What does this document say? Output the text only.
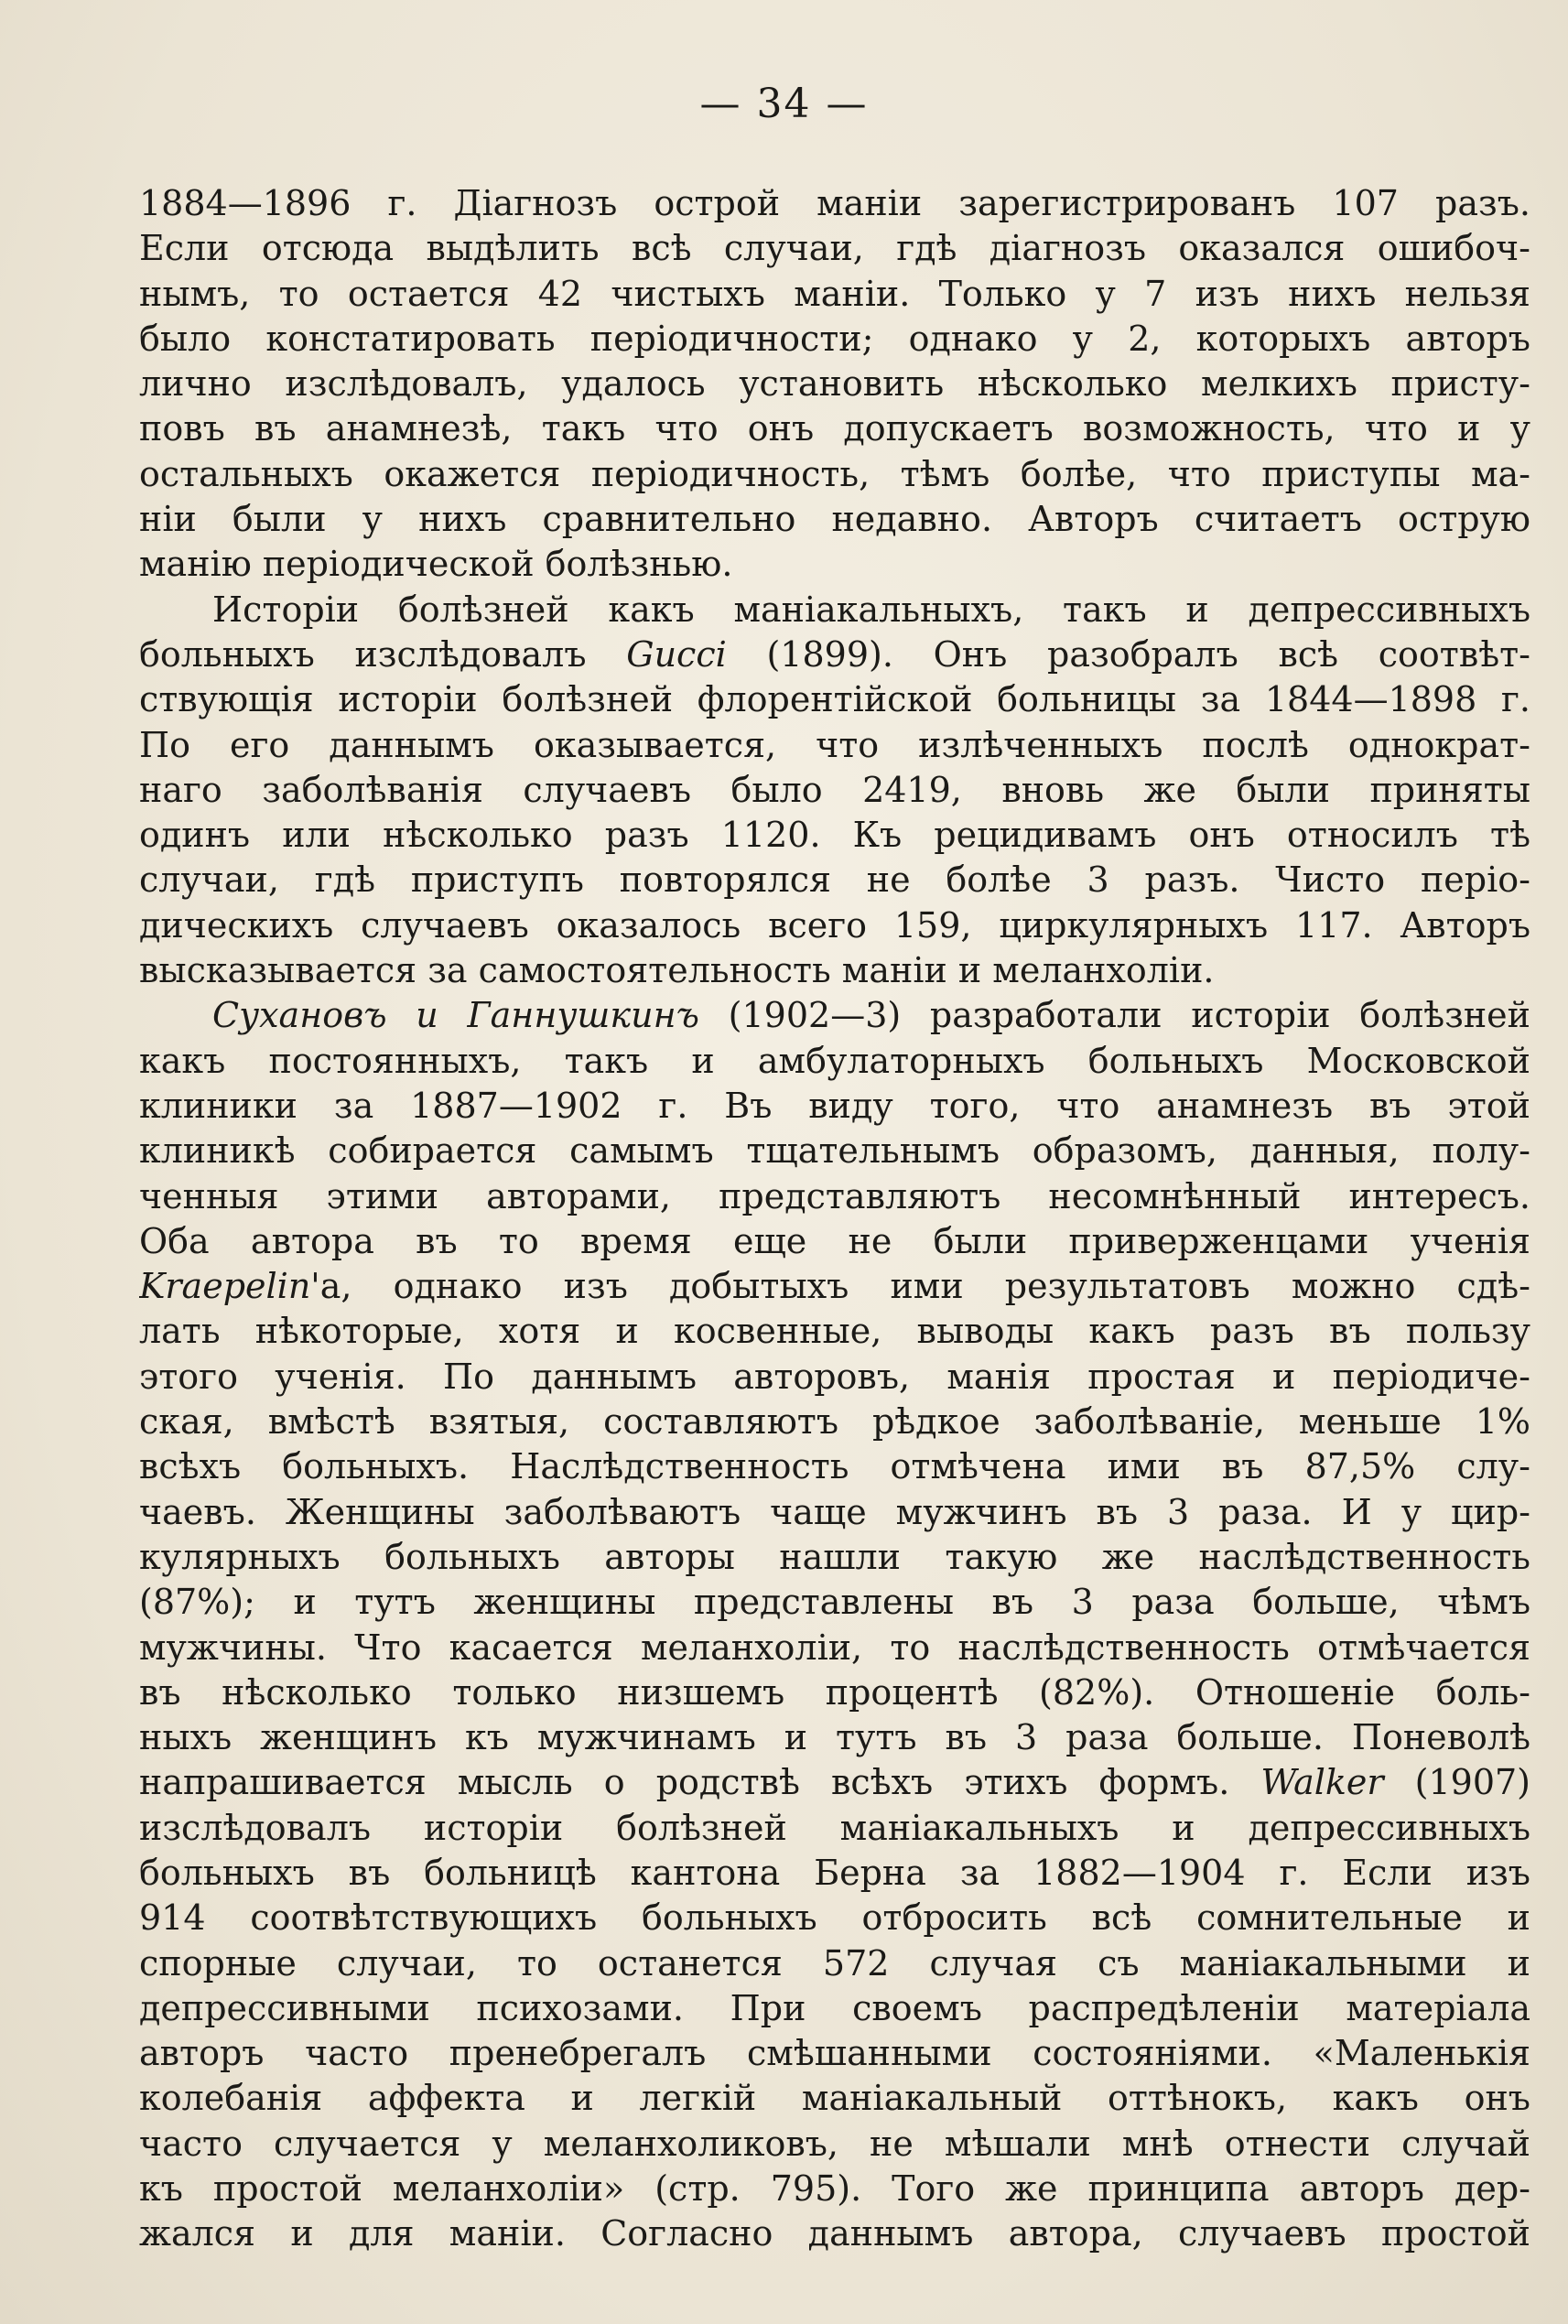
— 34 —
1884—1896 г. Діагнозъ острой маніи зарегистрированъ 107 разъ.
Если отсюда выдѣлить всѣ случаи, гдѣ діагнозъ оказался ошибоч-
нымъ, то остается 42 чистыхъ маніи. Только у 7 изъ нихъ нельзя
было констатировать періодичности; однако у 2, которыхъ авторъ
лично изслѣдовалъ, удалось установить нѣсколько мелкихъ присту-
повъ въ анамнезѣ, такъ что онъ допускаетъ возможность, что и у
остальныхъ окажется періодичность, тѣмъ болѣе, что приступы ма-
ніи были у нихъ сравнительно недавно. Авторъ считаетъ острую
манію періодической болѣзнью.
Исторіи болѣзней какъ маніакальныхъ, такъ и депрессивныхъ
больныхъ изслѣдовалъ Gucci (1899). Онъ разобралъ всѣ соотвѣт-
ствующія исторіи болѣзней флорентійской больницы за 1844—1898 г.
По его даннымъ оказывается, что излѣченныхъ послѣ однократ-
наго заболѣванія случаевъ было 2419, вновь же были приняты
одинъ или нѣсколько разъ 1120. Къ рецидивамъ онъ относилъ тѣ
случаи, гдѣ приступъ повторялся не болѣе 3 разъ. Чисто періо-
дическихъ случаевъ оказалось всего 159, циркулярныхъ 117. Авторъ
высказывается за самостоятельность маніи и меланхоліи.
Сухановъ и Ганнушкинъ (1902—3) разработали исторіи болѣзней
какъ постоянныхъ, такъ и амбулаторныхъ больныхъ Московской
клиники за 1887—1902 г. Въ виду того, что анамнезъ въ этой
клиникѣ собирается самымъ тщательнымъ образомъ, данныя, полу-
ченныя этими авторами, представляютъ несомнѣнный интересъ.
Оба автора въ то время еще не были приверженцами ученія
Kraepelin'а, однако изъ добытыхъ ими результатовъ можно сдѣ-
лать нѣкоторые, хотя и косвенные, выводы какъ разъ въ пользу
этого ученія. По даннымъ авторовъ, манія простая и періодиче-
ская, вмѣстѣ взятыя, составляютъ рѣдкое заболѣваніе, меньше 1%
всѣхъ больныхъ. Наслѣдственность отмѣчена ими въ 87,5% слу-
чаевъ. Женщины заболѣваютъ чаще мужчинъ въ 3 раза. И у цир-
кулярныхъ больныхъ авторы нашли такую же наслѣдственность
(87%); и тутъ женщины представлены въ 3 раза больше, чѣмъ
мужчины. Что касается меланхоліи, то наслѣдственность отмѣчается
въ нѣсколько только низшемъ процентѣ (82%). Отношеніе боль-
ныхъ женщинъ къ мужчинамъ и тутъ въ 3 раза больше. Поневолѣ
напрашивается мысль о родствѣ всѣхъ этихъ формъ. Walker (1907)
изслѣдовалъ исторіи болѣзней маніакальныхъ и депрессивныхъ
больныхъ въ больницѣ кантона Берна за 1882—1904 г. Если изъ
914 соотвѣтствующихъ больныхъ отбросить всѣ сомнительные и
спорные случаи, то останется 572 случая съ маніакальными и
депрессивными психозами. При своемъ распредѣленіи матеріала
авторъ часто пренебрегалъ смѣшанными состояніями. «Маленькія
колебанія аффекта и легкій маніакальный оттѣнокъ, какъ онъ
часто случается у меланхоликовъ, не мѣшали мнѣ отнести случай
къ простой меланхоліи» (стр. 795). Того же принципа авторъ дер-
жался и для маніи. Согласно даннымъ автора, случаевъ простой
